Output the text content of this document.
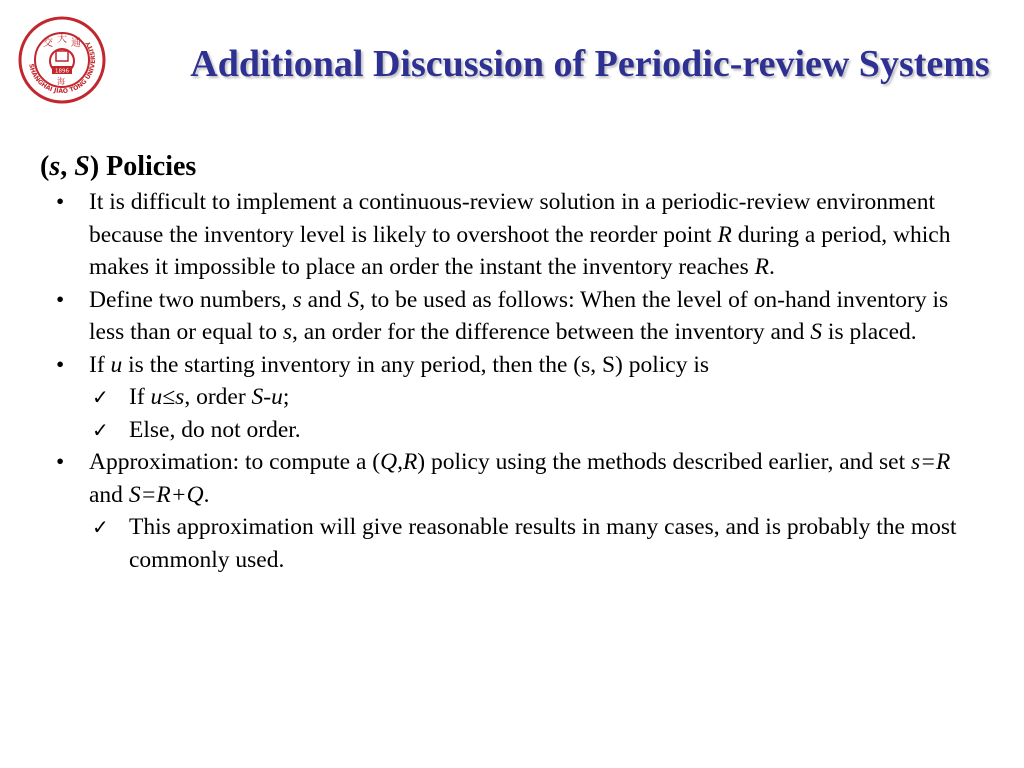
SHANGHAI JIAO TONG UNIVERSITY
交 大 通
海
1896	Additional Discussion of Periodic-review Systems

(s, S) Policies

• It is difficult to implement a continuous-review solution in a periodic-review environment because the inventory level is likely to overshoot the reorder point R during a period, which makes it impossible to place an order the instant the inventory reaches R.

• Define two numbers, s and S, to be used as follows: When the level of on-hand inventory is less than or equal to s, an order for the difference between the inventory and S is placed.

• If u is the starting inventory in any period, then the (s, S) policy is

✓ If u≤s, order S-u;

✓ Else, do not order.

• Approximation: to compute a (Q,R) policy using the methods described earlier, and set s=R and S=R+Q.

✓ This approximation will give reasonable results in many cases, and is probably the most commonly used.
